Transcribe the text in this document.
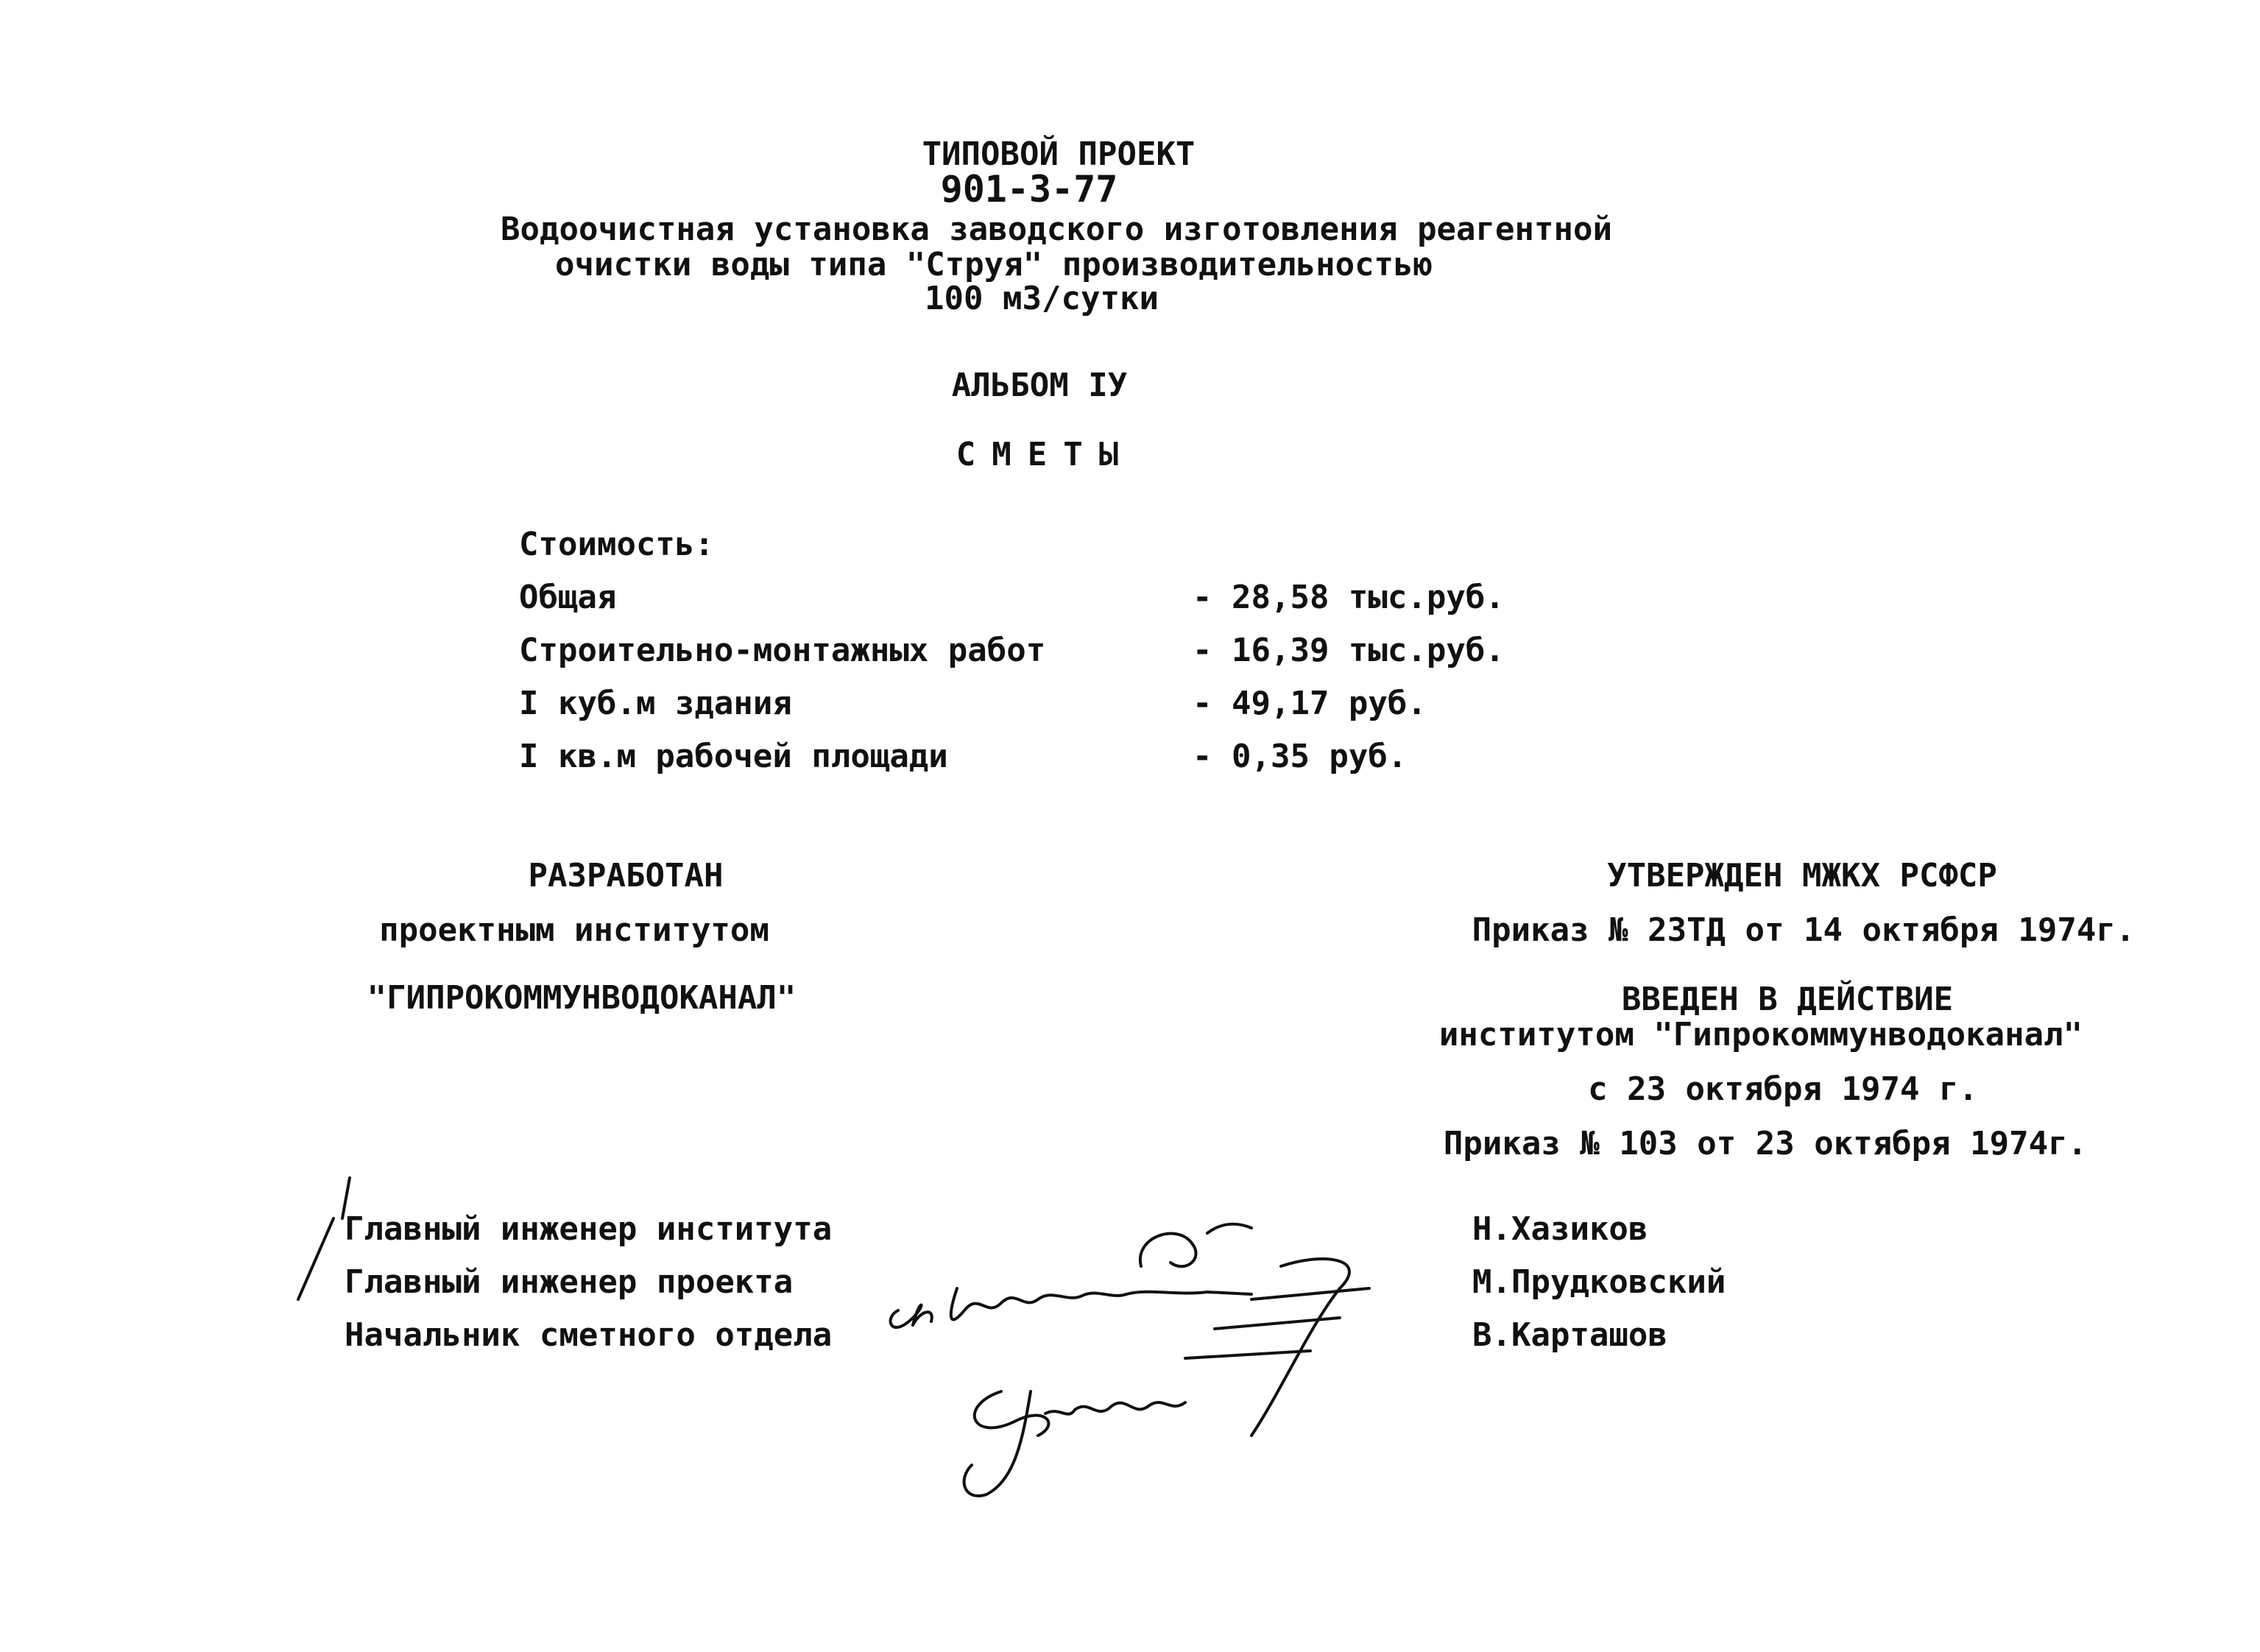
ТИПОВОЙ ПРОЕКТ
901-3-77
Водоочистная установка заводского изготовления реагентной
очистки воды типа "Струя" производительностью
100 м3/сутки
АЛЬБОМ IУ
СМЕТЫ
Стоимость:
Общая	- 28,58 тыс.руб.
Строительно-монтажных работ	- 16,39 тыс.руб.
I куб.м здания	- 49,17 руб.
I кв.м рабочей площади	- 0,35 руб.
РАЗРАБОТАН
проектным институтом
"ГИПРОКОММУНВОДОКАНАЛ"
УТВЕРЖДЕН МЖКХ РСФСР
Приказ № 23ТД от 14 октября 1974г.
ВВЕДЕН В ДЕЙСТВИЕ
институтом "Гипрокоммунводоканал"
с 23 октября 1974 г.
Приказ № 103 от 23 октября 1974г.
Главный инженер института	Н.Хазиков
Главный инженер проекта	М.Прудковский
Начальник сметного отдела	В.Карташов
